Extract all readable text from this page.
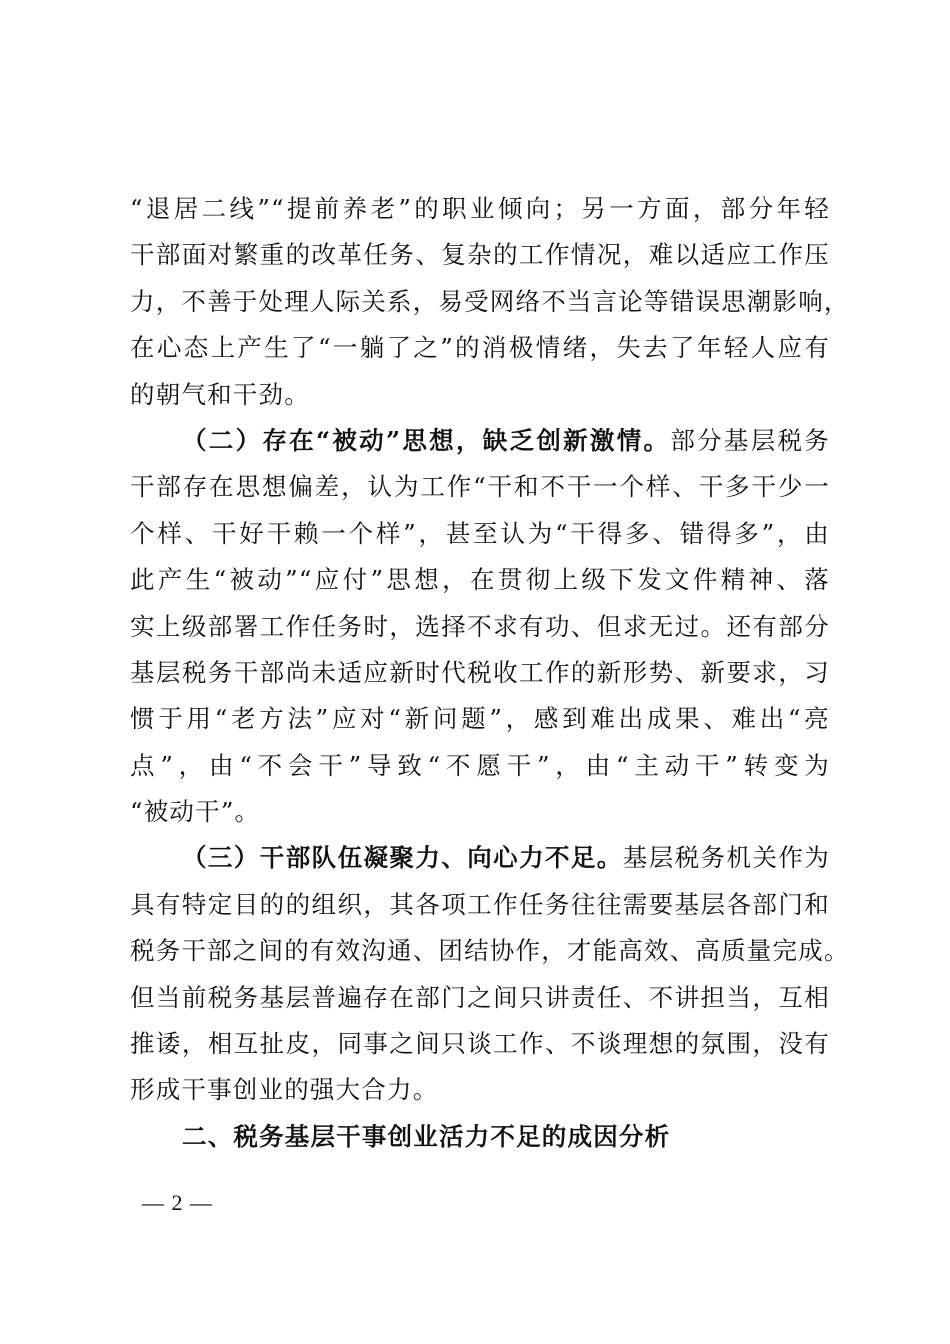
“退居二线”“提前养老”的职业倾向；另一方面，部分年轻
干部面对繁重的改革任务、复杂的工作情况，难以适应工作压
力，不善于处理人际关系，易受网络不当言论等错误思潮影响，
在心态上产生了“一躺了之”的消极情绪，失去了年轻人应有
的朝气和干劲。
（二）存在“被动”思想，缺乏创新激情。部分基层税务
干部存在思想偏差，认为工作“干和不干一个样、干多干少一
个样、干好干赖一个样”，甚至认为“干得多、错得多”，由
此产生“被动”“应付”思想，在贯彻上级下发文件精神、落
实上级部署工作任务时，选择不求有功、但求无过。还有部分
基层税务干部尚未适应新时代税收工作的新形势、新要求，习
惯于用“老方法”应对“新问题”，感到难出成果、难出“亮
点”，由“不会干”导致“不愿干”，由“主动干”转变为
“被动干”。
（三）干部队伍凝聚力、向心力不足。基层税务机关作为
具有特定目的的组织，其各项工作任务往往需要基层各部门和
税务干部之间的有效沟通、团结协作，才能高效、高质量完成。
但当前税务基层普遍存在部门之间只讲责任、不讲担当，互相
推诿，相互扯皮，同事之间只谈工作、不谈理想的氛围，没有
形成干事创业的强大合力。
二、税务基层干事创业活力不足的成因分析
— 2 —
